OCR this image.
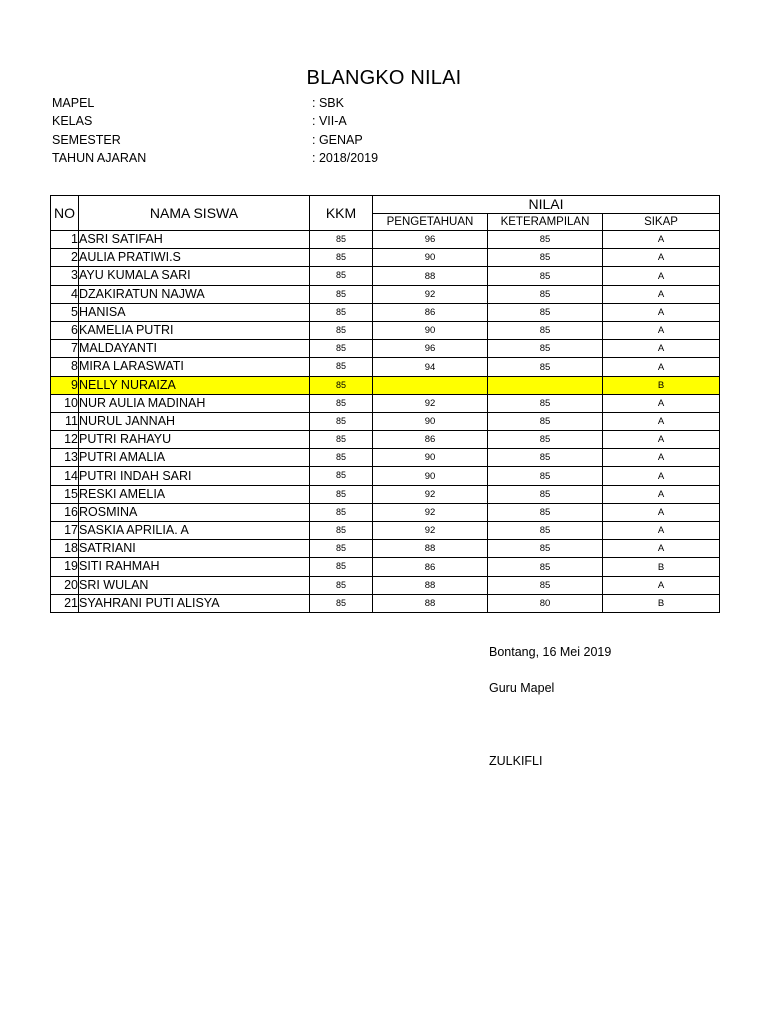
BLANGKO NILAI
MAPEL	: SBK
KELAS	: VII-A
SEMESTER	: GENAP
TAHUN AJARAN	: 2018/2019
NO	NAMA SISWA	KKM	NILAI		
			PENGETAHUAN	KETERAMPILAN	SIKAP
1	ASRI SATIFAH	85	96	85	A
2	AULIA PRATIWI.S	85	90	85	A
3	AYU KUMALA SARI	85	88	85	A
4	DZAKIRATUN NAJWA	85	92	85	A
5	HANISA	85	86	85	A
6	KAMELIA PUTRI	85	90	85	A
7	MALDAYANTI	85	96	85	A
8	MIRA LARASWATI	85	94	85	A
9	NELLY NURAIZA	85			B
10	NUR AULIA MADINAH	85	92	85	A
11	NURUL JANNAH	85	90	85	A
12	PUTRI RAHAYU	85	86	85	A
13	PUTRI AMALIA	85	90	85	A
14	PUTRI INDAH SARI	85	90	85	A
15	RESKI AMELIA	85	92	85	A
16	ROSMINA	85	92	85	A
17	SASKIA APRILIA. A	85	92	85	A
18	SATRIANI	85	88	85	A
19	SITI RAHMAH	85	86	85	B
20	SRI WULAN	85	88	85	A
21	SYAHRANI PUTI ALISYA	85	88	80	B
Bontang, 16 Mei 2019
Guru Mapel
ZULKIFLI
